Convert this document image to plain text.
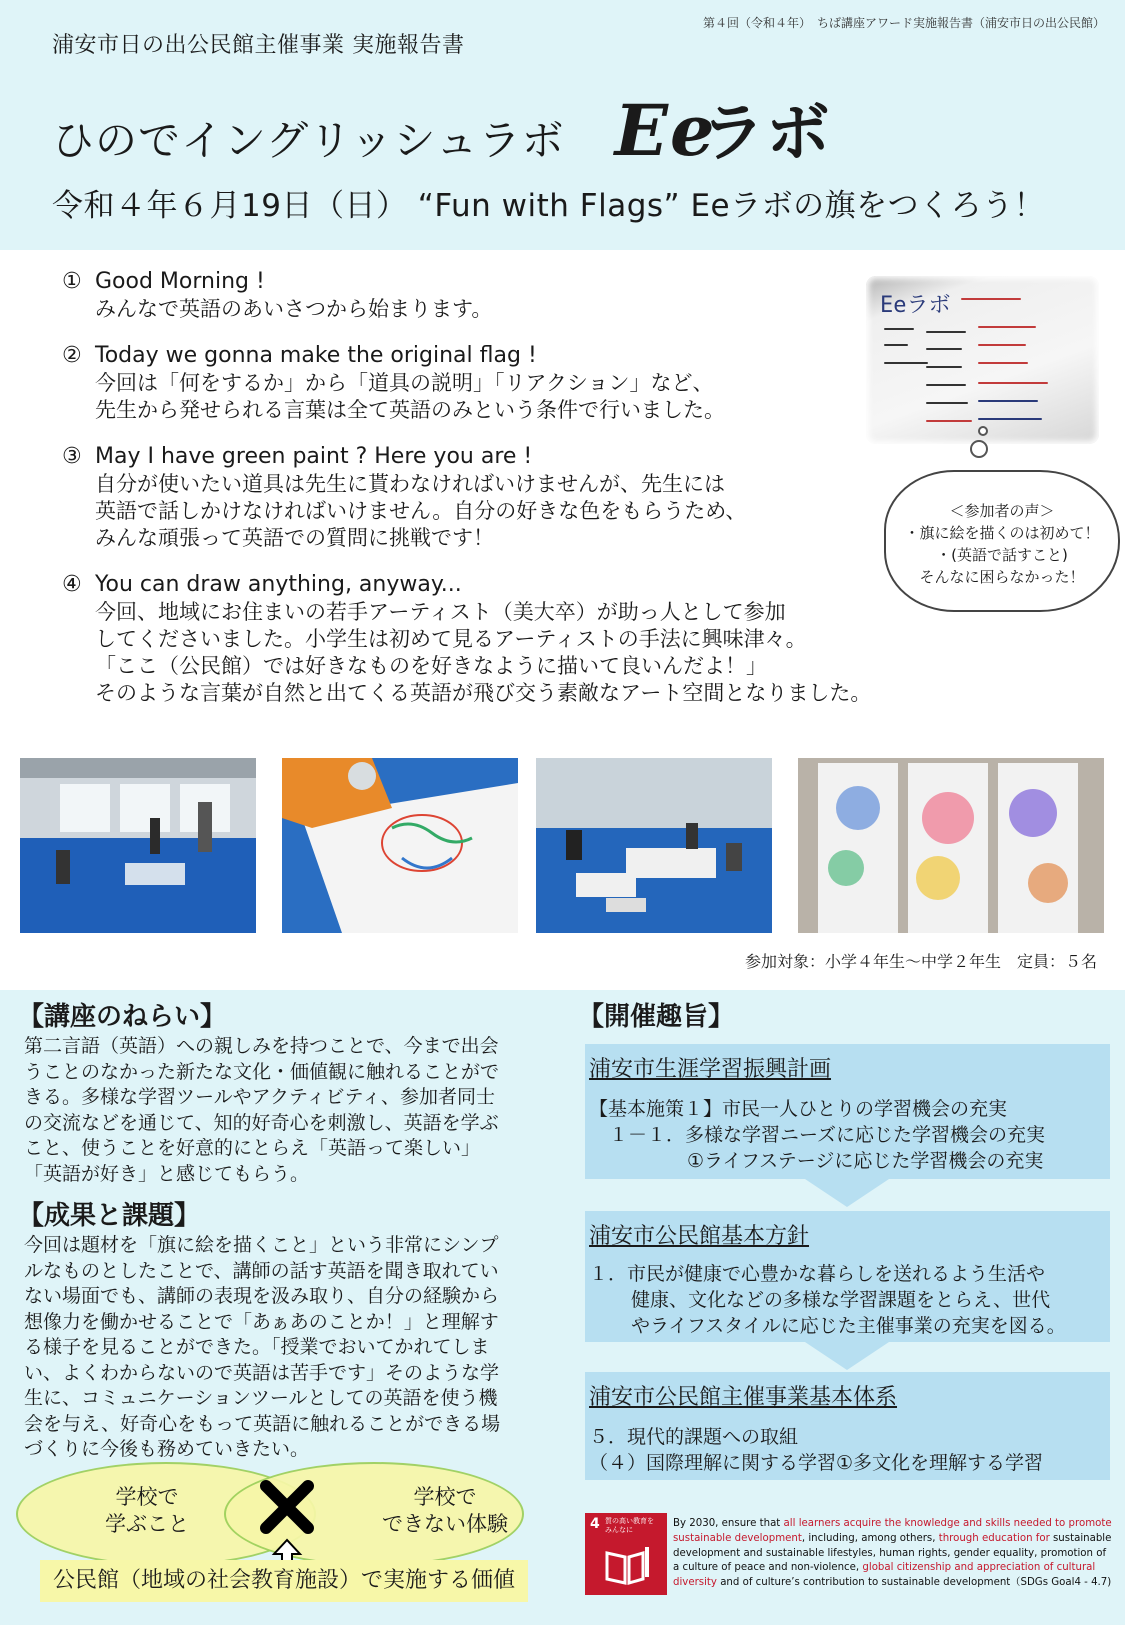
第４回（令和４年）　ちば講座アワード実施報告書（浦安市日の出公民館）
浦安市日の出公民館主催事業 実施報告書
ひのでイングリッシュラボ Ee ラボ
令和４年６月19日（日） “Fun with Flags” Eeラボの旗をつくろう！
① Good Morning !
みんなで英語のあいさつから始まります。
② Today we gonna make the original flag !
今回は「何をするか」から「道具の説明」「リアクション」など、
先生から発せられる言葉は全て英語のみという条件で行いました。
③ May I have green paint ? Here you are !
自分が使いたい道具は先生に貰わなければいけませんが、先生には
英語で話しかけなければいけません。自分の好きな色をもらうため、
みんな頑張って英語での質問に挑戦です！
④ You can draw anything, anyway...
今回、地域にお住まいの若手アーティスト（美大卒）が助っ人として参加
してくださいました。小学生は初めて見るアーティストの手法に興味津々。
「ここ（公民館）では好きなものを好きなように描いて良いんだよ！」
そのような言葉が自然と出てくる英語が飛び交う素敵なアート空間となりました。
Eeラボ
＜参加者の声＞
・旗に絵を描くのは初めて！
・(英語で話すこと)
そんなに困らなかった！
参加対象：小学４年生〜中学２年生　定員：５名
【講座のねらい】
第二言語（英語）への親しみを持つことで、今まで出会
うことのなかった新たな文化・価値観に触れることがで
きる。多様な学習ツールやアクティビティ、参加者同士
の交流などを通じて、知的好奇心を刺激し、英語を学ぶ
こと、使うことを好意的にとらえ「英語って楽しい」
「英語が好き」と感じてもらう。
【成果と課題】
今回は題材を「旗に絵を描くこと」という非常にシンプ
ルなものとしたことで、講師の話す英語を聞き取れてい
ない場面でも、講師の表現を汲み取り、自分の経験から
想像力を働かせることで「あぁあのことか！」と理解す
る様子を見ることができた。「授業でおいてかれてしま
い、よくわからないので英語は苦手です」そのような学
生に、コミュニケーションツールとしての英語を使う機
会を与え、好奇心をもって英語に触れることができる場
づくりに今後も務めていきたい。
学校で
学ぶこと
学校で
できない体験
公民館（地域の社会教育施設）で実施する価値
【開催趣旨】
浦安市生涯学習振興計画
【基本施策１】市民一人ひとりの学習機会の充実
１－１．多様な学習ニーズに応じた学習機会の充実
①ライフステージに応じた学習機会の充実
浦安市公民館基本方針
１．市民が健康で心豊かな暮らしを送れるよう生活や
健康、文化などの多様な学習課題をとらえ、世代
やライフスタイルに応じた主催事業の充実を図る。
浦安市公民館主催事業基本体系
５．現代的課題への取組
（４）国際理解に関する学習①多文化を理解する学習
4 質の高い教育をみんなに
By 2030, ensure that all learners acquire the knowledge and skills needed to promote sustainable development, including, among others, through education for sustainable development and sustainable lifestyles, human rights, gender equality, promotion of a culture of peace and non-violence, global citizenship and appreciation of cultural diversity and of culture’s contribution to sustainable development（SDGs Goal4 - 4.7)
